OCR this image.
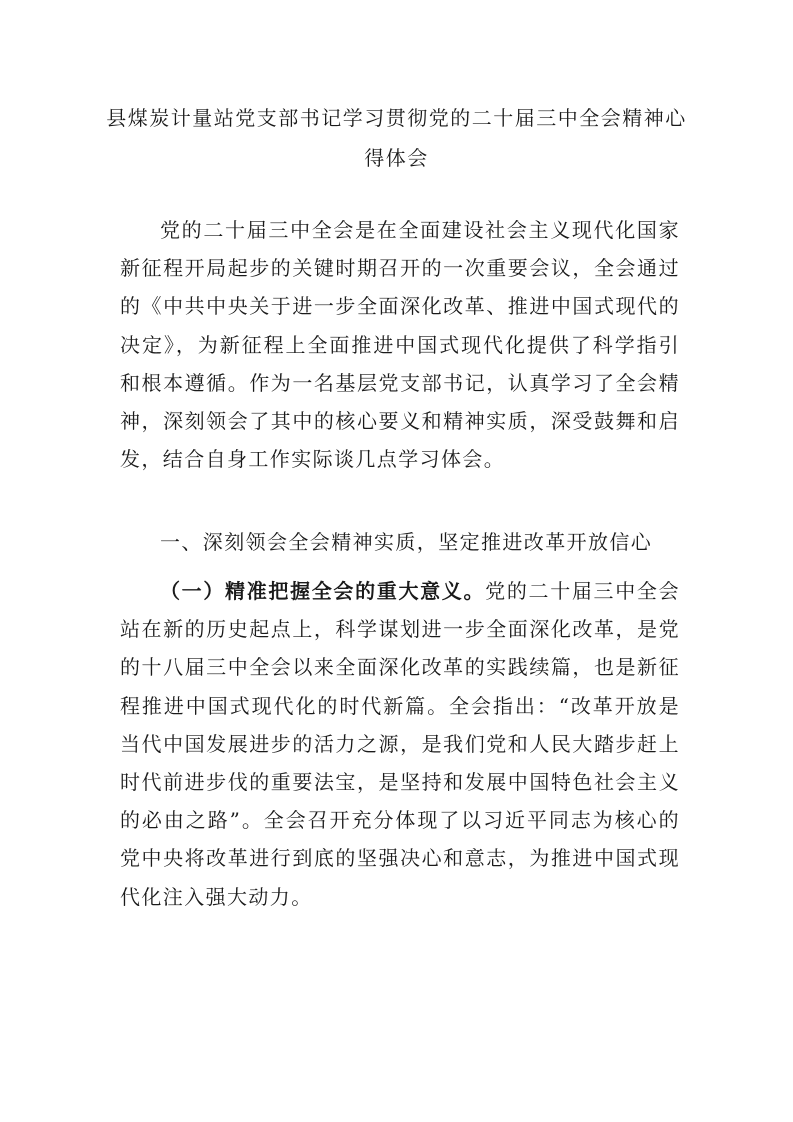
县煤炭计量站党支部书记学习贯彻党的二十届三中全会精神心得体会

党的二十届三中全会是在全面建设社会主义现代化国家新征程开局起步的关键时期召开的一次重要会议，全会通过的《中共中央关于进一步全面深化改革、推进中国式现代的决定》，为新征程上全面推进中国式现代化提供了科学指引和根本遵循。作为一名基层党支部书记，认真学习了全会精神，深刻领会了其中的核心要义和精神实质，深受鼓舞和启发，结合自身工作实际谈几点学习体会。

一、深刻领会全会精神实质，坚定推进改革开放信心

（一）精准把握全会的重大意义。党的二十届三中全会站在新的历史起点上，科学谋划进一步全面深化改革，是党的十八届三中全会以来全面深化改革的实践续篇，也是新征程推进中国式现代化的时代新篇。全会指出：“改革开放是当代中国发展进步的活力之源，是我们党和人民大踏步赶上时代前进步伐的重要法宝，是坚持和发展中国特色社会主义的必由之路”。全会召开充分体现了以习近平同志为核心的党中央将改革进行到底的坚强决心和意志，为推进中国式现代化注入强大动力。
